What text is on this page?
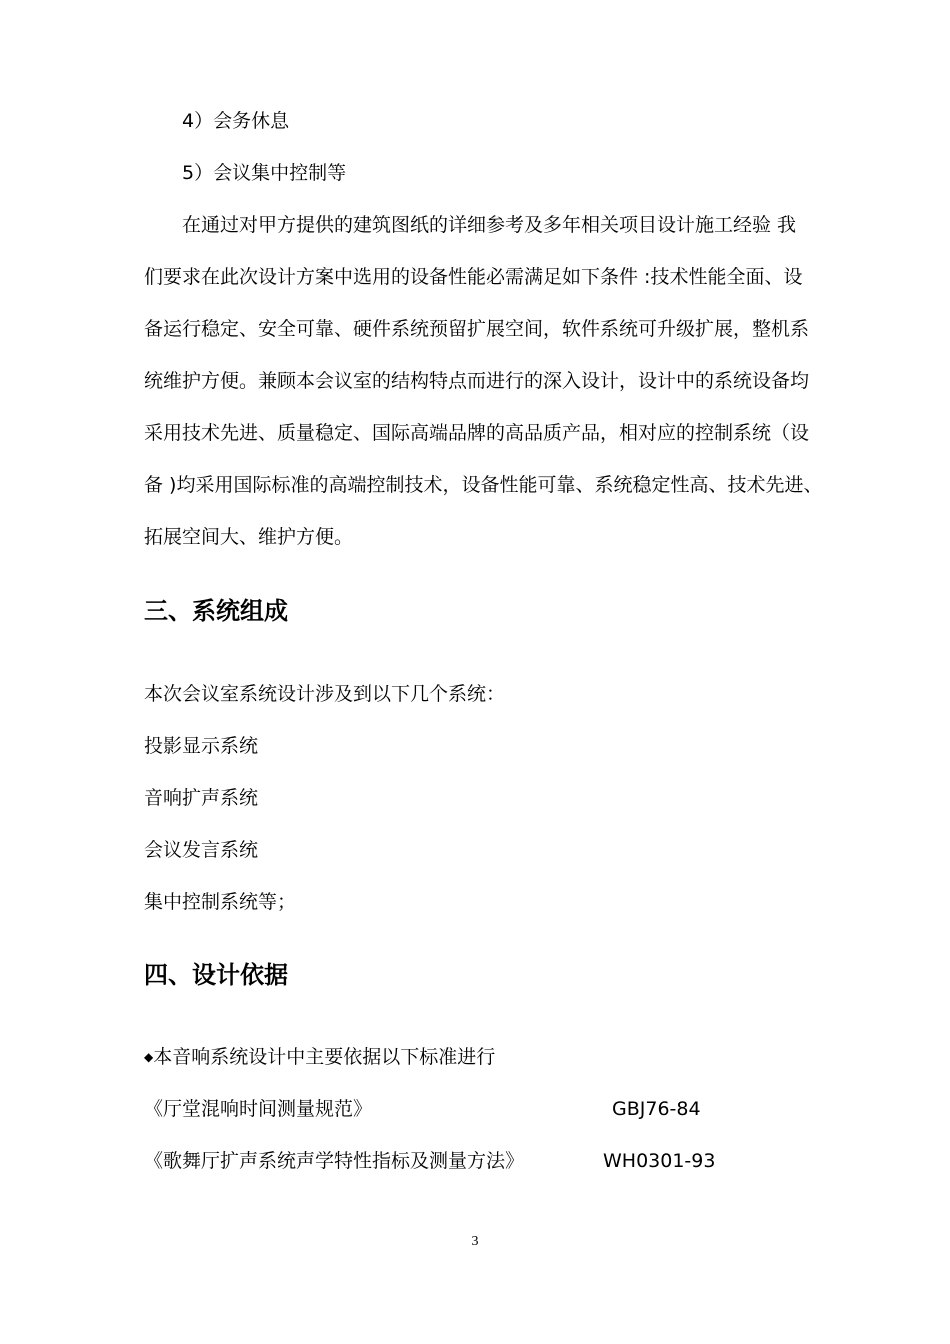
4）会务休息
5）会议集中控制等
在通过对甲方提供的建筑图纸的详细参考及多年相关项目设计施工经验 我
们要求在此次设计方案中选用的设备性能必需满足如下条件 :技术性能全面、设
备运行稳定、安全可靠、硬件系统预留扩展空间，软件系统可升级扩展，整机系
统维护方便。兼顾本会议室的结构特点而进行的深入设计，设计中的系统设备均
采用技术先进、质量稳定、国际高端品牌的高品质产品，相对应的控制系统（设
备 )均采用国际标准的高端控制技术，设备性能可靠、系统稳定性高、技术先进、
拓展空间大、维护方便。
三、系统组成
本次会议室系统设计涉及到以下几个系统：
投影显示系统
音响扩声系统
会议发言系统
集中控制系统等；
四、设计依据
◆本音响系统设计中主要依据以下标准进行
《厅堂混响时间测量规范》	GBJ76-84
《歌舞厅扩声系统声学特性指标及测量方法》	WH0301-93
3
